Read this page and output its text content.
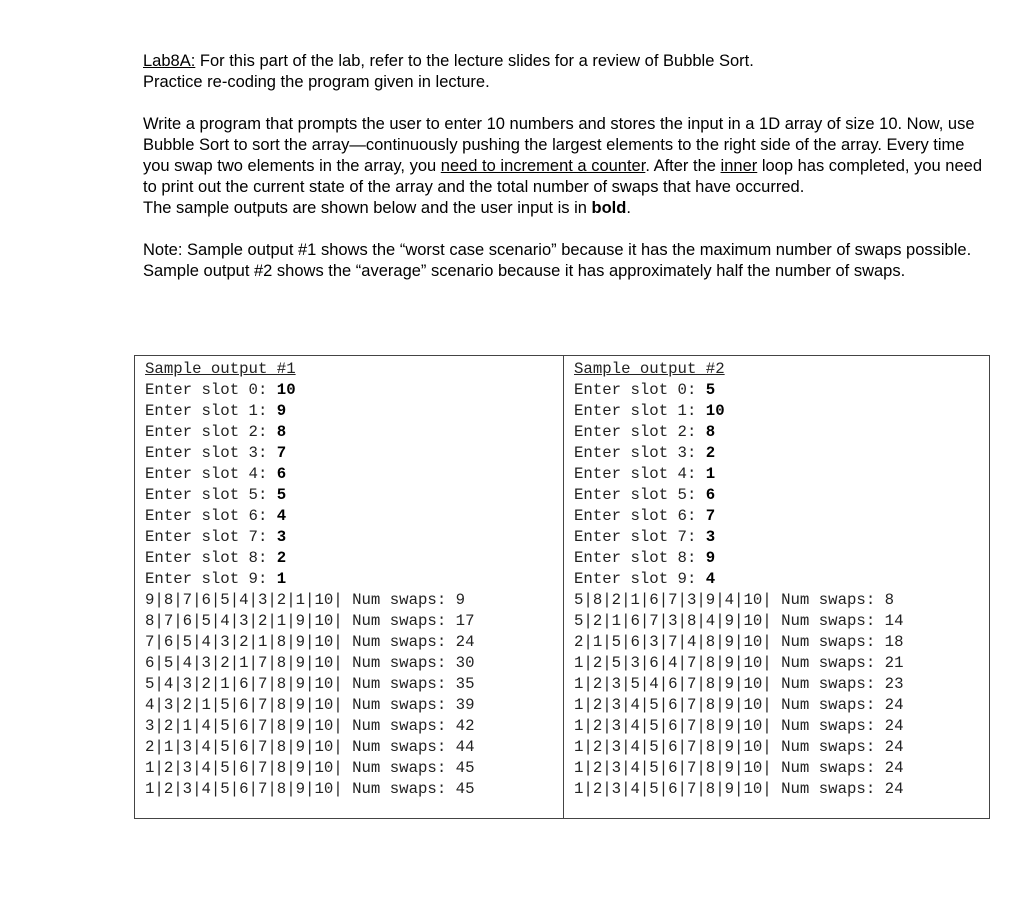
Lab8A: For this part of the lab, refer to the lecture slides for a review of Bubble Sort.

Practice re-coding the program given in lecture.

Write a program that prompts the user to enter 10 numbers and stores the input in a 1D array of size 10. Now, use Bubble Sort to sort the array—continuously pushing the largest elements to the right side of the array. Every time you swap two elements in the array, you need to increment a counter. After the inner loop has completed, you need to print out the current state of the array and the total number of swaps that have occurred.

The sample outputs are shown below and the user input is in bold.

Note: Sample output #1 shows the “worst case scenario” because it has the maximum number of swaps possible. Sample output #2 shows the “average” scenario because it has approximately half the number of swaps.

Sample output #1
Enter slot 0: 10
Enter slot 1: 9
Enter slot 2: 8
Enter slot 3: 7
Enter slot 4: 6
Enter slot 5: 5
Enter slot 6: 4
Enter slot 7: 3
Enter slot 8: 2
Enter slot 9: 1
9|8|7|6|5|4|3|2|1|10| Num swaps: 9
8|7|6|5|4|3|2|1|9|10| Num swaps: 17
7|6|5|4|3|2|1|8|9|10| Num swaps: 24
6|5|4|3|2|1|7|8|9|10| Num swaps: 30
5|4|3|2|1|6|7|8|9|10| Num swaps: 35
4|3|2|1|5|6|7|8|9|10| Num swaps: 39
3|2|1|4|5|6|7|8|9|10| Num swaps: 42
2|1|3|4|5|6|7|8|9|10| Num swaps: 44
1|2|3|4|5|6|7|8|9|10| Num swaps: 45
1|2|3|4|5|6|7|8|9|10| Num swaps: 45
Sample output #2
Enter slot 0: 5
Enter slot 1: 10
Enter slot 2: 8
Enter slot 3: 2
Enter slot 4: 1
Enter slot 5: 6
Enter slot 6: 7
Enter slot 7: 3
Enter slot 8: 9
Enter slot 9: 4
5|8|2|1|6|7|3|9|4|10| Num swaps: 8
5|2|1|6|7|3|8|4|9|10| Num swaps: 14
2|1|5|6|3|7|4|8|9|10| Num swaps: 18
1|2|5|3|6|4|7|8|9|10| Num swaps: 21
1|2|3|5|4|6|7|8|9|10| Num swaps: 23
1|2|3|4|5|6|7|8|9|10| Num swaps: 24
1|2|3|4|5|6|7|8|9|10| Num swaps: 24
1|2|3|4|5|6|7|8|9|10| Num swaps: 24
1|2|3|4|5|6|7|8|9|10| Num swaps: 24
1|2|3|4|5|6|7|8|9|10| Num swaps: 24
